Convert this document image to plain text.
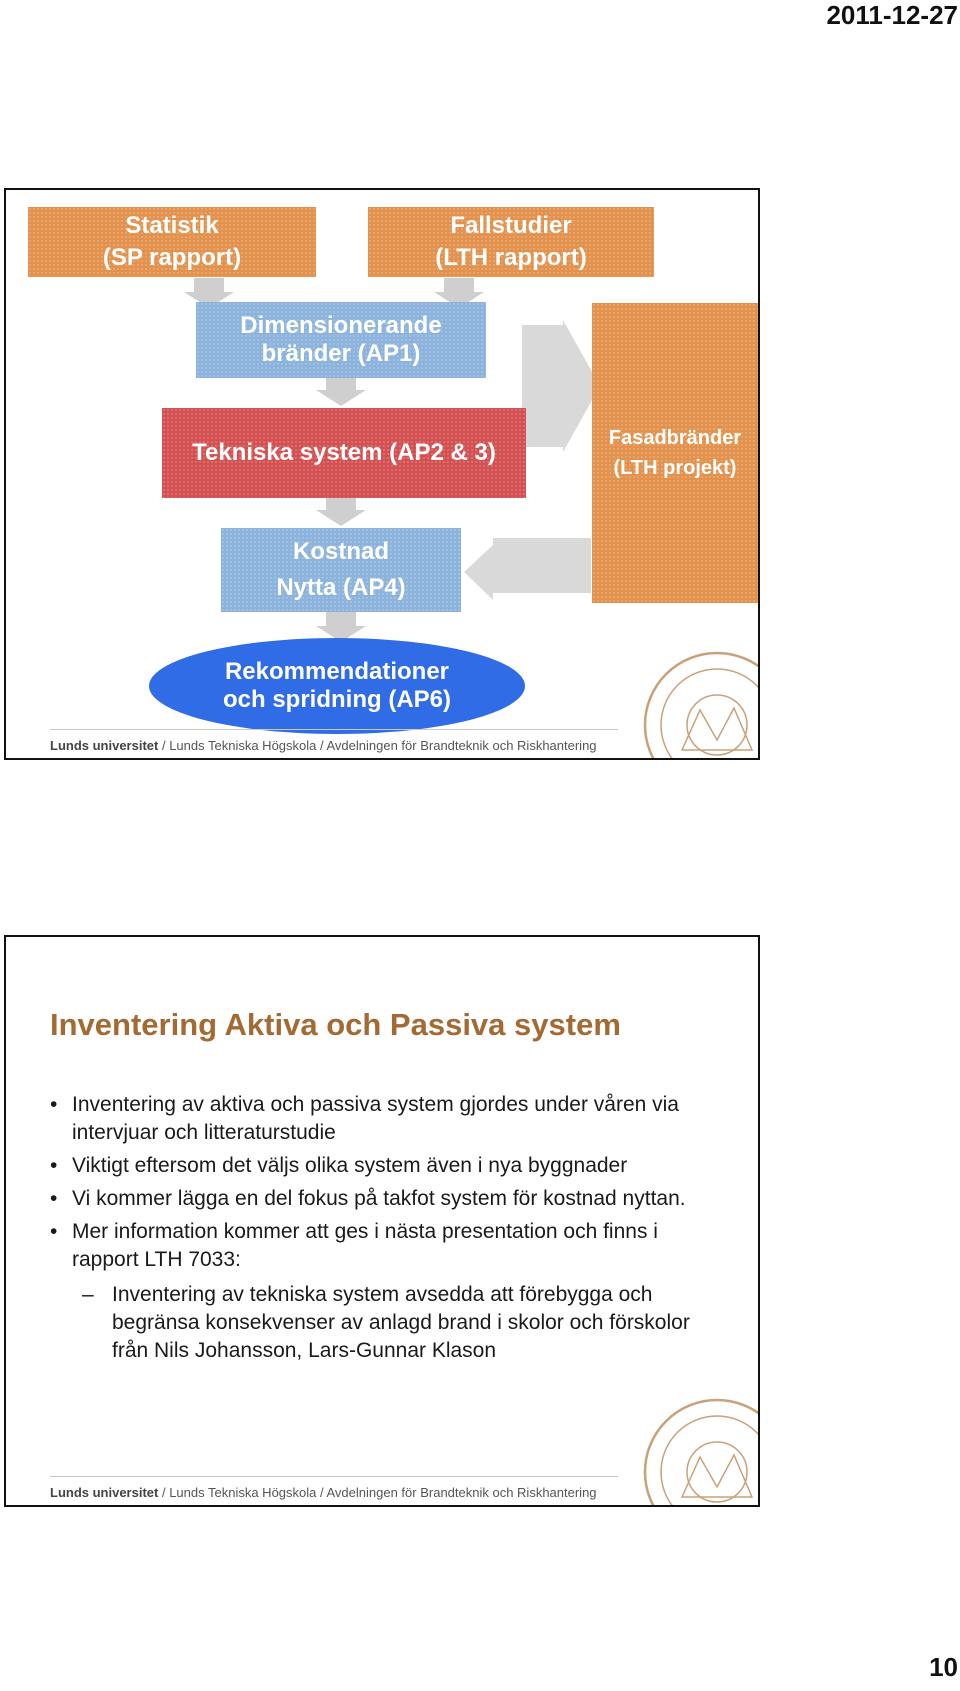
2011-12-27
Statistik
(SP rapport)
Fallstudier
(LTH rapport)
Dimensionerande
bränder (AP1)
Tekniska system (AP2 & 3)
Fasadbränder
(LTH projekt)
Kostnad
Nytta (AP4)
Rekommendationer
och spridning (AP6)
Lunds universitet / Lunds Tekniska Högskola / Avdelningen för Brandteknik och Riskhantering
Inventering Aktiva och Passiva system
• Inventering av aktiva och passiva system gjordes under våren via intervjuar och litteraturstudie
• Viktigt eftersom det väljs olika system även i nya byggnader
• Vi kommer lägga en del fokus på takfot system för kostnad nyttan.
• Mer information kommer att ges i nästa presentation och finns i rapport LTH 7033:
– Inventering av tekniska system avsedda att förebygga och begränsa konsekvenser av anlagd brand i skolor och förskolor från Nils Johansson, Lars-Gunnar Klason
Lunds universitet / Lunds Tekniska Högskola / Avdelningen för Brandteknik och Riskhantering
10
